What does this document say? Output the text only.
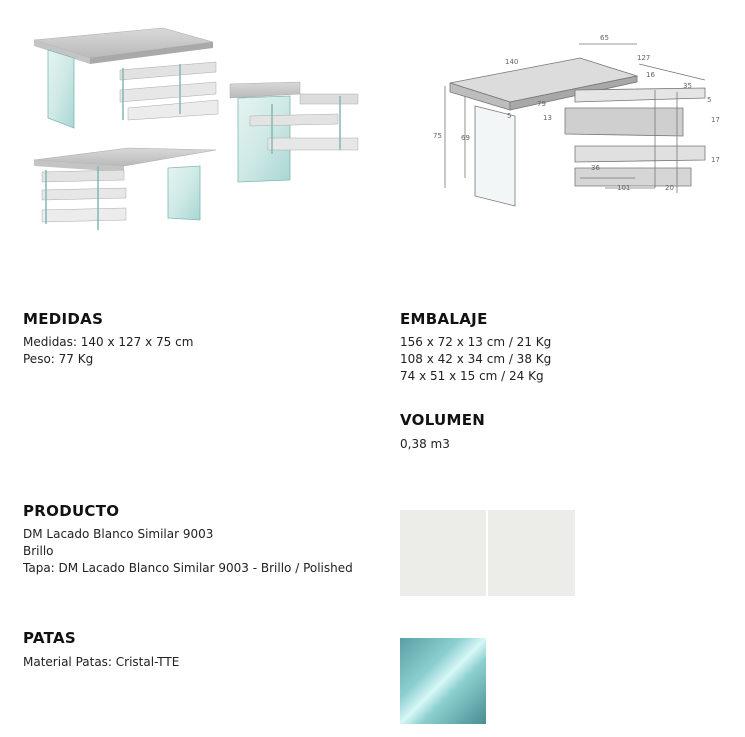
65
140	127
16
35
5
17
75	69
5
79
13
17
36
101	20
MEDIDAS
Medidas: 140 x 127 x 75 cm
Peso: 77 Kg
EMBALAJE
156 x 72 x 13 cm / 21 Kg
108 x 42 x 34 cm / 38 Kg
74 x 51 x 15 cm / 24 Kg
VOLUMEN
0,38 m3
PRODUCTO
DM Lacado Blanco Similar 9003
Brillo
Tapa: DM Lacado Blanco Similar 9003 - Brillo / Polished
PATAS
Material Patas: Cristal-TTE
